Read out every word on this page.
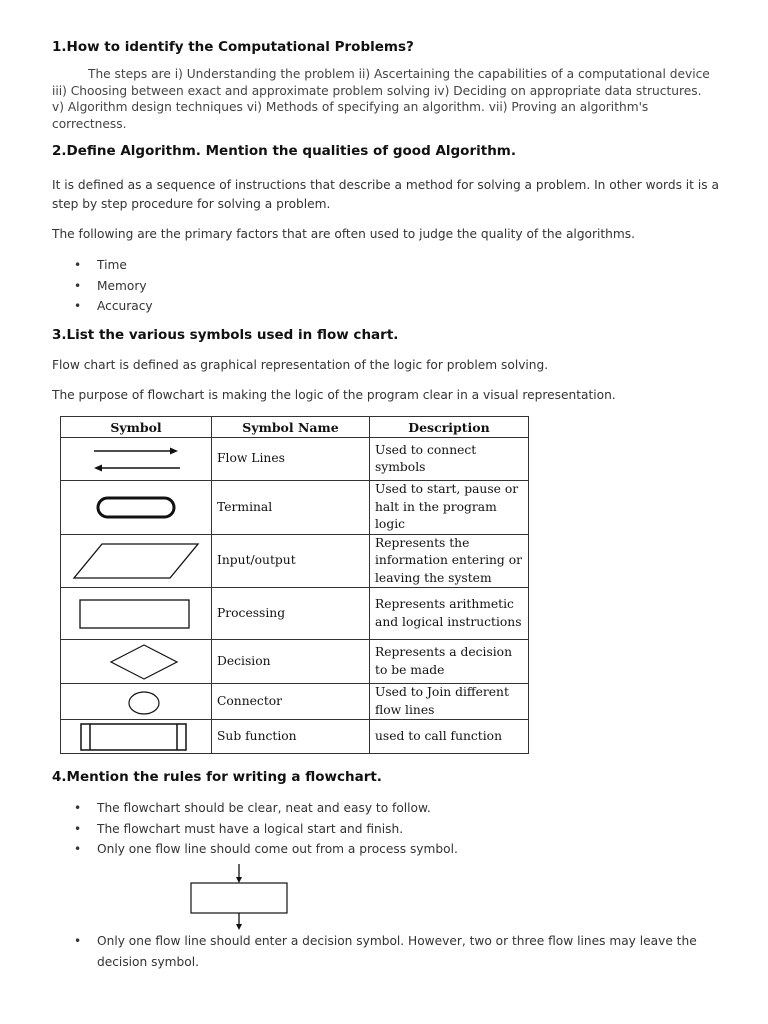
1.How to identify the Computational Problems?

The steps are i) Understanding the problem ii) Ascertaining the capabilities of a computational device iii) Choosing between exact and approximate problem solving iv) Deciding on appropriate data structures. v) Algorithm design techniques vi) Methods of specifying an algorithm. vii) Proving an algorithm's correctness.

2.Define Algorithm. Mention the qualities of good Algorithm.

It is defined as a sequence of instructions that describe a method for solving a problem. In other words it is a step by step procedure for solving a problem.

The following are the primary factors that are often used to judge the quality of the algorithms.

• Time
• Memory
• Accuracy
3.List the various symbols used in flow chart.

Flow chart is defined as graphical representation of the logic for problem solving.

The purpose of flowchart is making the logic of the program clear in a visual representation.

Symbol	Symbol Name	Description

	Flow Lines	Used to connect symbols

	Terminal	Used to start, pause or halt in the program logic

	Input/output	Represents the information entering or leaving the system

	Processing	Represents arithmetic and logical instructions

	Decision	Represents a decision to be made

	Connector	Used to Join different flow lines

	Sub function	used to call function
4.Mention the rules for writing a flowchart.
• The flowchart should be clear, neat and easy to follow.
• The flowchart must have a logical start and finish.
• Only one flow line should come out from a process symbol.
• Only one flow line should enter a decision symbol. However, two or three flow lines may leave the decision symbol.
